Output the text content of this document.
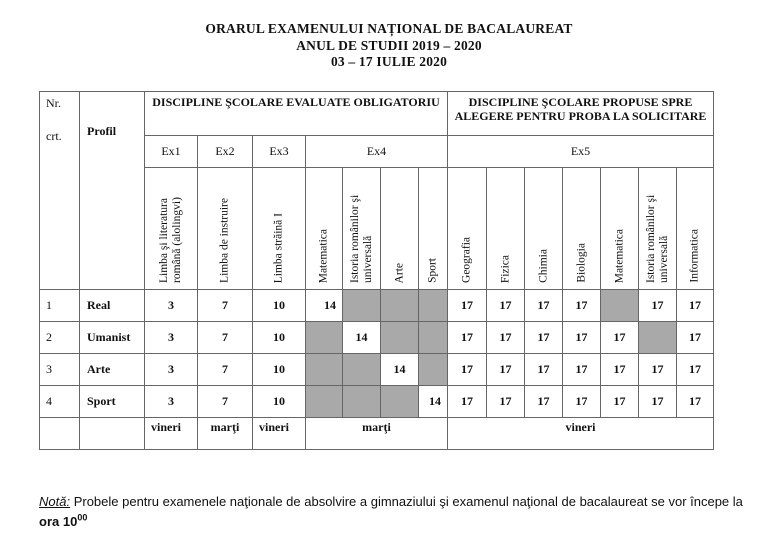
ORARUL EXAMENULUI NAȚIONAL DE BACALAUREAT
ANUL DE STUDII 2019 – 2020
03 – 17 IULIE 2020
Nr.
crt.	Profil	DISCIPLINE ŞCOLARE EVALUATE OBLIGATORIU							DISCIPLINE ŞCOLARE PROPUSE SPRE ALEGERE PENTRU PROBA LA SOLICITARE						
		Ex1	Ex2	Ex3	Ex4				Ex5						

		Limba şi literatura română (alolingvi)	Limba de instruire	Limba străină I	Matematica	Istoria românilor şi universală	Arte	Sport	Geografia	Fizica	Chimia	Biologia	Matematica	Istoria românilor şi universală	Informatica

1	Real	3	7	10	14				17	17	17	17		17	17
2	Umanist	3	7	10		14			17	17	17	17	17		17
3	Arte	3	7	10			14		17	17	17	17	17	17	17
4	Sport	3	7	10				14	17	17	17	17	17	17	17
		vineri	marţi	vineri	marţi				vineri						
Notă: Probele pentru examenele naţionale de absolvire a gimnaziului şi examenul naţional de bacalaureat se vor începe la ora $10^{00}$
